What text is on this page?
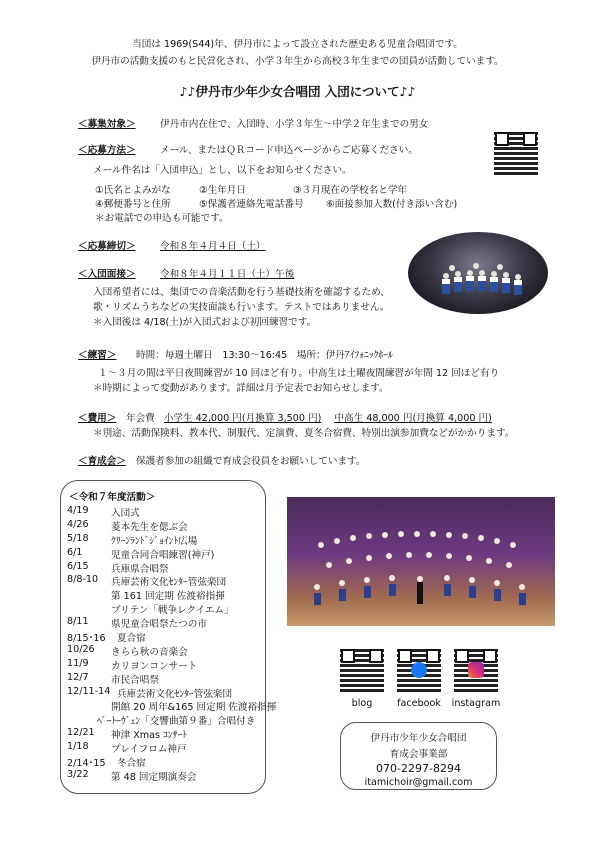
当団は 1969(S44)年、伊丹市によって設立された歴史ある児童合唱団です。
伊丹市の活動支援のもと民営化され、小学３年生から高校３年生までの団員が活動しています。
♪♪伊丹市少年少女合唱団 入団について♪♪
＜募集対象＞	伊丹市内在住で、入団時、小学３年生～中学２年生までの男女
＜応募方法＞	メール、またはＱＲコード申込ページからご応募ください。
メール件名は「入団申込」とし、以下をお知らせください。
①氏名とよみがな	②生年月日	③３月現在の学校名と学年
④郵便番号と住所	⑤保護者連絡先電話番号 ⑥面接参加人数(付き添い含む)
＊お電話での申込も可能です。
＜応募締切＞	令和８年４月４日（土）
＜入団面接＞	令和８年４月１１日（土）午後
入団希望者には、集団での音楽活動を行う基礎技術を確認するため、
歌・リズムうちなどの実技面談も行います。テストではありません。
＊入団後は 4/18(土)が入団式および初回練習です。
＜練習＞ 時間：毎週土曜日　13:30～16:45　場所：伊丹ｱｲﾌｫﾆｯｸﾎｰﾙ
１～３月の間は平日夜間練習が 10 回ほど有り。中高生は土曜夜間練習が年間 12 回ほど有り
＊時期によって変動があります。詳細は月予定表でお知らせします。
＜費用＞ 年会費 小学生 42,000 円(月換算 3,500 円) 中高生 48,000 円(月換算 4,000 円)
＊別途、活動保険料、教本代、制服代、定演費、夏冬合宿費、特別出演参加費などがかかります。
＜育成会＞ 保護者参加の組織で育成会役員をお願いしています。
＜令和７年度活動＞
4/19 入団式
4/26 菱本先生を偲ぶ会
5/18 ｸﾘｰﾝﾗﾝﾄﾞｼﾞｮｲﾝﾄ広場
6/1	児童合同合唱練習(神戸)
6/15 兵庫県合唱祭
8/8-10 兵庫芸術文化ｾﾝﾀｰ管弦楽団
第 161 回定期 佐渡裕指揮
ブリテン「戦争レクイエム」
8/11 県児童合唱祭たつの市
8/15･16 夏合宿
10/26 きらら秋の音楽会
11/9 カリヨンコンサート
12/7 市民合唱祭
12/11-14 兵庫芸術文化ｾﾝﾀｰ管弦楽団
開館 20 周年&165 回定期 佐渡裕指揮
ﾍﾞｰﾄｰｳﾞｪﾝ「交響曲第９番」合唱付き
12/21 神津 Xmas ｺﾝｻｰﾄ
1/18 プレイフロム神戸
2/14･15 冬合宿
3/22 第 48 回定期演奏会
blog	facebook	instagram
伊丹市少年少女合唱団
育成会事業部
070-2297-8294
itamichoir@gmail.com
